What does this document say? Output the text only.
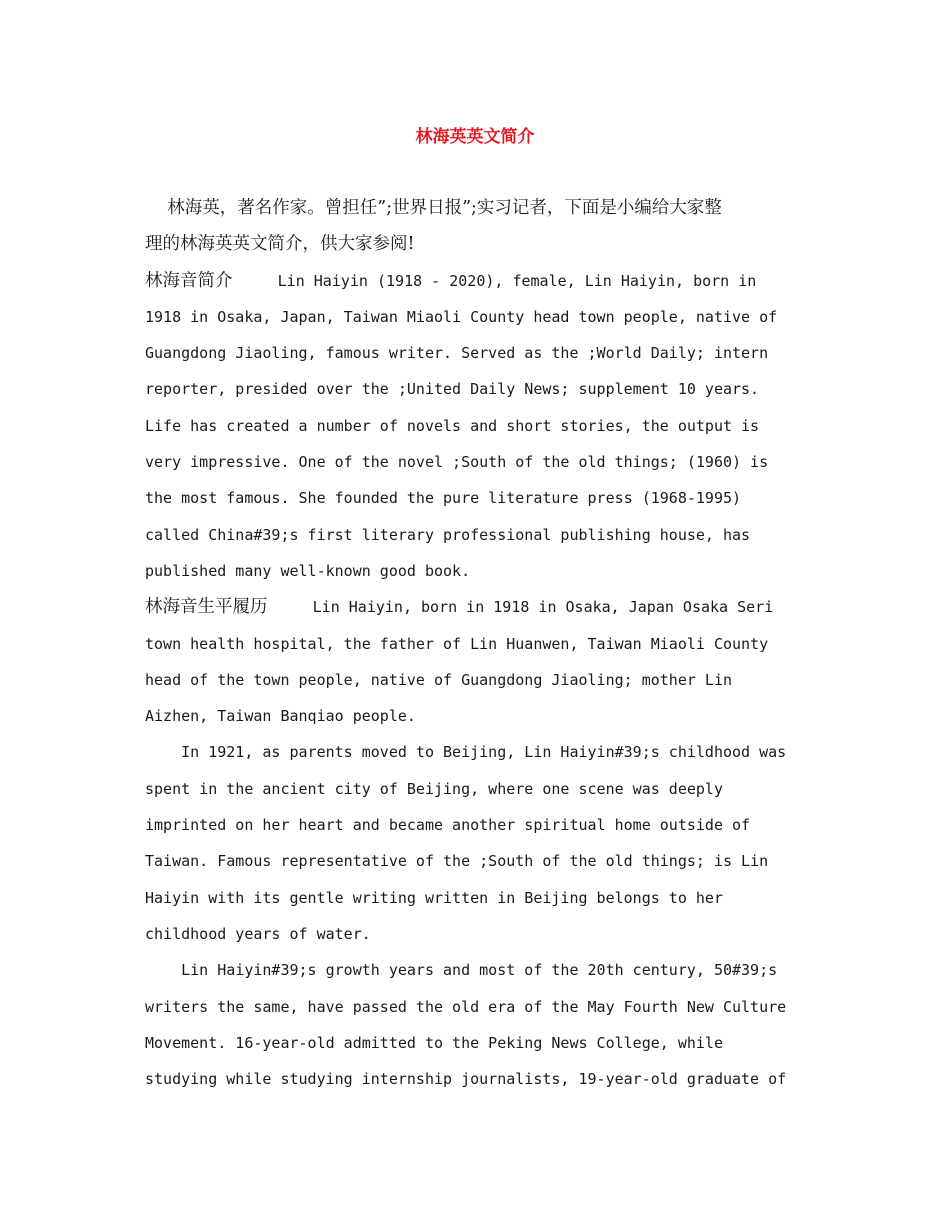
林海英英文简介
林海英，著名作家。曾担任”;世界日报”;实习记者，下面是小编给大家整
理的林海英英文简介，供大家参阅!
林海音简介	Lin Haiyin (1918 - 2020), female, Lin Haiyin, born in
1918 in Osaka, Japan, Taiwan Miaoli County head town people, native of
Guangdong Jiaoling, famous writer. Served as the ;World Daily; intern
reporter, presided over the ;United Daily News; supplement 10 years.
Life has created a number of novels and short stories, the output is
very impressive. One of the novel ;South of the old things; (1960) is
the most famous. She founded the pure literature press (1968-1995)
called China#39;s first literary professional publishing house, has
published many well-known good book.
林海音生平履历	Lin Haiyin, born in 1918 in Osaka, Japan Osaka Seri
town health hospital, the father of Lin Huanwen, Taiwan Miaoli County
head of the town people, native of Guangdong Jiaoling; mother Lin
Aizhen, Taiwan Banqiao people.
In 1921, as parents moved to Beijing, Lin Haiyin#39;s childhood was
spent in the ancient city of Beijing, where one scene was deeply
imprinted on her heart and became another spiritual home outside of
Taiwan. Famous representative of the ;South of the old things; is Lin
Haiyin with its gentle writing written in Beijing belongs to her
childhood years of water.
Lin Haiyin#39;s growth years and most of the 20th century, 50#39;s
writers the same, have passed the old era of the May Fourth New Culture
Movement. 16-year-old admitted to the Peking News College, while
studying while studying internship journalists, 19-year-old graduate of
